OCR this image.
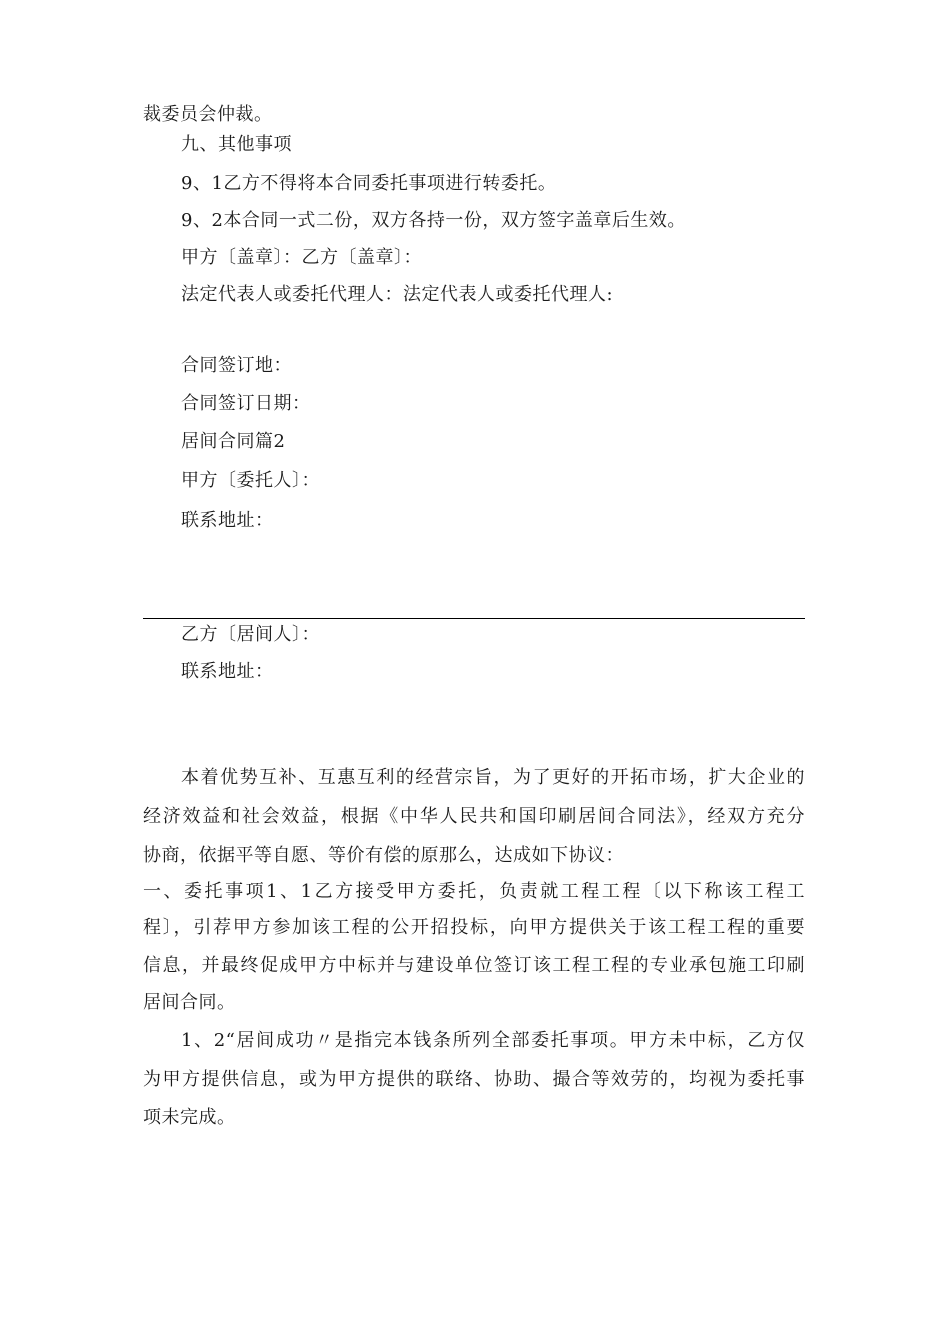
裁委员会仲裁。
九、其他事项
9、1乙方不得将本合同委托事项进行转委托。
9、2本合同一式二份，双方各持一份，双方签字盖章后生效。
甲方〔盖章〕：乙方〔盖章〕：
法定代表人或委托代理人：法定代表人或委托代理人:
合同签订地：
合同签订日期：
居间合同篇2
甲方〔委托人〕：
联系地址：
乙方〔居间人〕：
联系地址：
本着优势互补、互惠互利的经营宗旨，为了更好的开拓市场，扩大企业的
经济效益和社会效益，根据《中华人民共和国印刷居间合同法》，经双方充分
协商，依据平等自愿、等价有偿的原那么，达成如下协议：
一、委托事项1、1乙方接受甲方委托，负责就工程工程〔以下称该工程工
程〕，引荐甲方参加该工程的公开招投标，向甲方提供关于该工程工程的重要
信息，并最终促成甲方中标并与建设单位签订该工程工程的专业承包施工印刷
居间合同。
1、2“居间成功〃是指完本钱条所列全部委托事项。甲方未中标，乙方仅
为甲方提供信息，或为甲方提供的联络、协助、撮合等效劳的，均视为委托事
项未完成。
